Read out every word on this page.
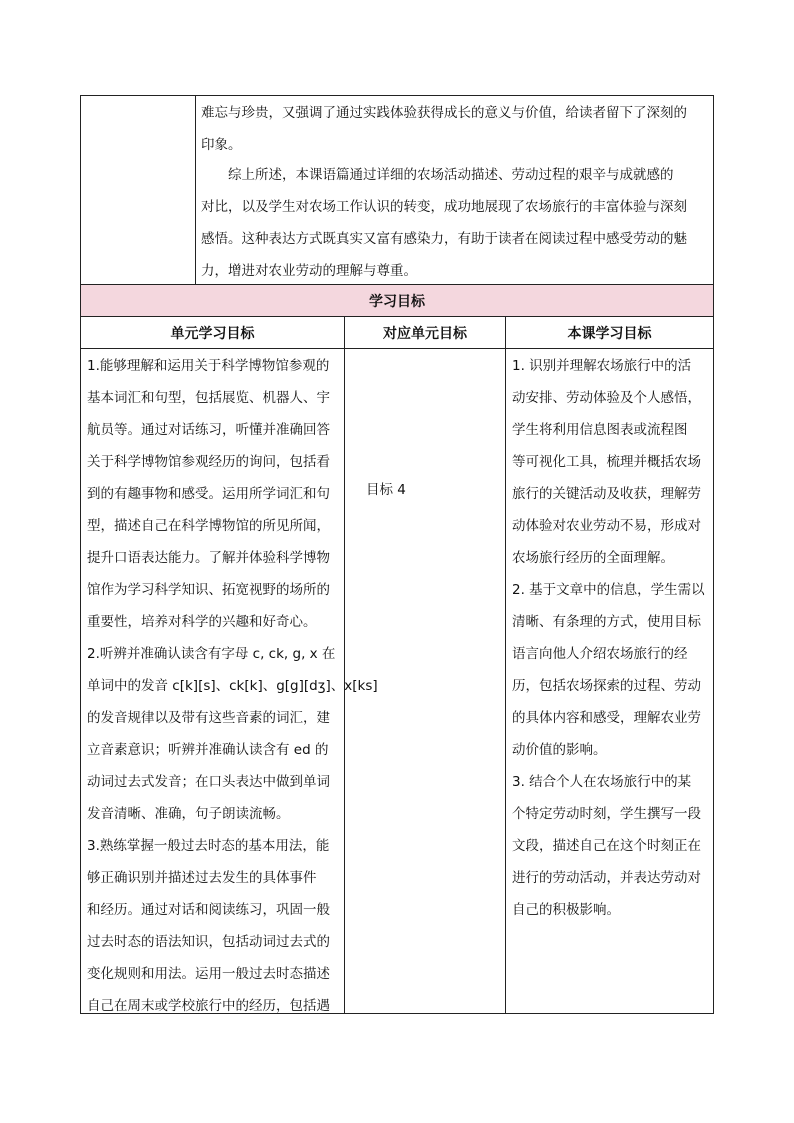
难忘与珍贵，又强调了通过实践体验获得成长的意义与价值，给读者留下了深刻的
印象。
　　综上所述，本课语篇通过详细的农场活动描述、劳动过程的艰辛与成就感的
对比，以及学生对农场工作认识的转变，成功地展现了农场旅行的丰富体验与深刻
感悟。这种表达方式既真实又富有感染力，有助于读者在阅读过程中感受劳动的魅
力，增进对农业劳动的理解与尊重。
学习目标
单元学习目标	对应单元目标	本课学习目标
1.能够理解和运用关于科学博物馆参观的
基本词汇和句型，包括展览、机器人、宇
航员等。通过对话练习，听懂并准确回答
关于科学博物馆参观经历的询问，包括看
到的有趣事物和感受。运用所学词汇和句
型，描述自己在科学博物馆的所见所闻，
提升口语表达能力。了解并体验科学博物
馆作为学习科学知识、拓宽视野的场所的
重要性，培养对科学的兴趣和好奇心。
2.听辨并准确认读含有字母 c, ck, g, x 在
单词中的发音 c[k][s]、ck[k]、g[g][dʒ]、x[ks]
的发音规律以及带有这些音素的词汇，建
立音素意识；听辨并准确认读含有 ed 的
动词过去式发音；在口头表达中做到单词
发音清晰、准确，句子朗读流畅。
3.熟练掌握一般过去时态的基本用法，能
够正确识别并描述过去发生的具体事件
和经历。通过对话和阅读练习，巩固一般
过去时态的语法知识，包括动词过去式的
变化规则和用法。运用一般过去时态描述
自己在周末或学校旅行中的经历，包括遇
目标 4
1. 识别并理解农场旅行中的活
动安排、劳动体验及个人感悟，
学生将利用信息图表或流程图
等可视化工具，梳理并概括农场
旅行的关键活动及收获，理解劳
动体验对农业劳动不易，形成对
农场旅行经历的全面理解。
2. 基于文章中的信息，学生需以
清晰、有条理的方式，使用目标
语言向他人介绍农场旅行的经
历，包括农场探索的过程、劳动
的具体内容和感受，理解农业劳
动价值的影响。
3. 结合个人在农场旅行中的某
个特定劳动时刻，学生撰写一段
文段，描述自己在这个时刻正在
进行的劳动活动，并表达劳动对
自己的积极影响。
